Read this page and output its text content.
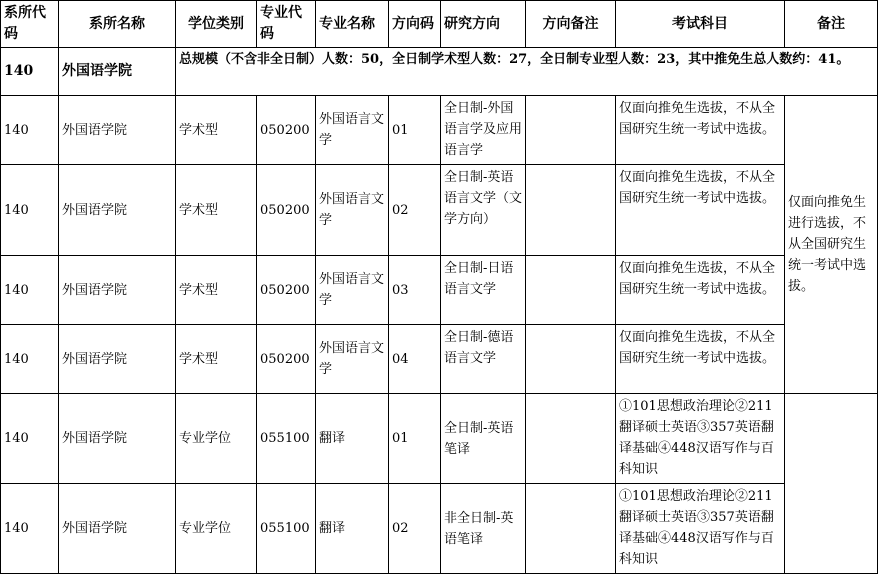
系所代码	系所名称	学位类别	专业代码	专业名称	方向码	研究方向	方向备注	考试科目	备注
140	外国语学院	总规模（不含非全日制）人数：50，全日制学术型人数：27，全日制专业型人数：23，其中推免生总人数约：41。							
140	外国语学院	学术型	050200	外国语言文学	01	全日制-外国语言学及应用语言学		仅面向推免生选拔，不从全国研究生统一考试中选拔。	仅面向推免生进行选拔，不从全国研究生统一考试中选拔。
140	外国语学院	学术型	050200	外国语言文学	02	全日制-英语语言文学（文学方向）		仅面向推免生选拔，不从全国研究生统一考试中选拔。	
140	外国语学院	学术型	050200	外国语言文学	03	全日制-日语语言文学		仅面向推免生选拔，不从全国研究生统一考试中选拔。	
140	外国语学院	学术型	050200	外国语言文学	04	全日制-德语语言文学		仅面向推免生选拔，不从全国研究生统一考试中选拔。	
140	外国语学院	专业学位	055100	翻译	01	全日制-英语笔译		①101思想政治理论②211翻译硕士英语③357英语翻译基础④448汉语写作与百科知识	
140	外国语学院	专业学位	055100	翻译	02	非全日制-英语笔译		①101思想政治理论②211翻译硕士英语③357英语翻译基础④448汉语写作与百科知识	
